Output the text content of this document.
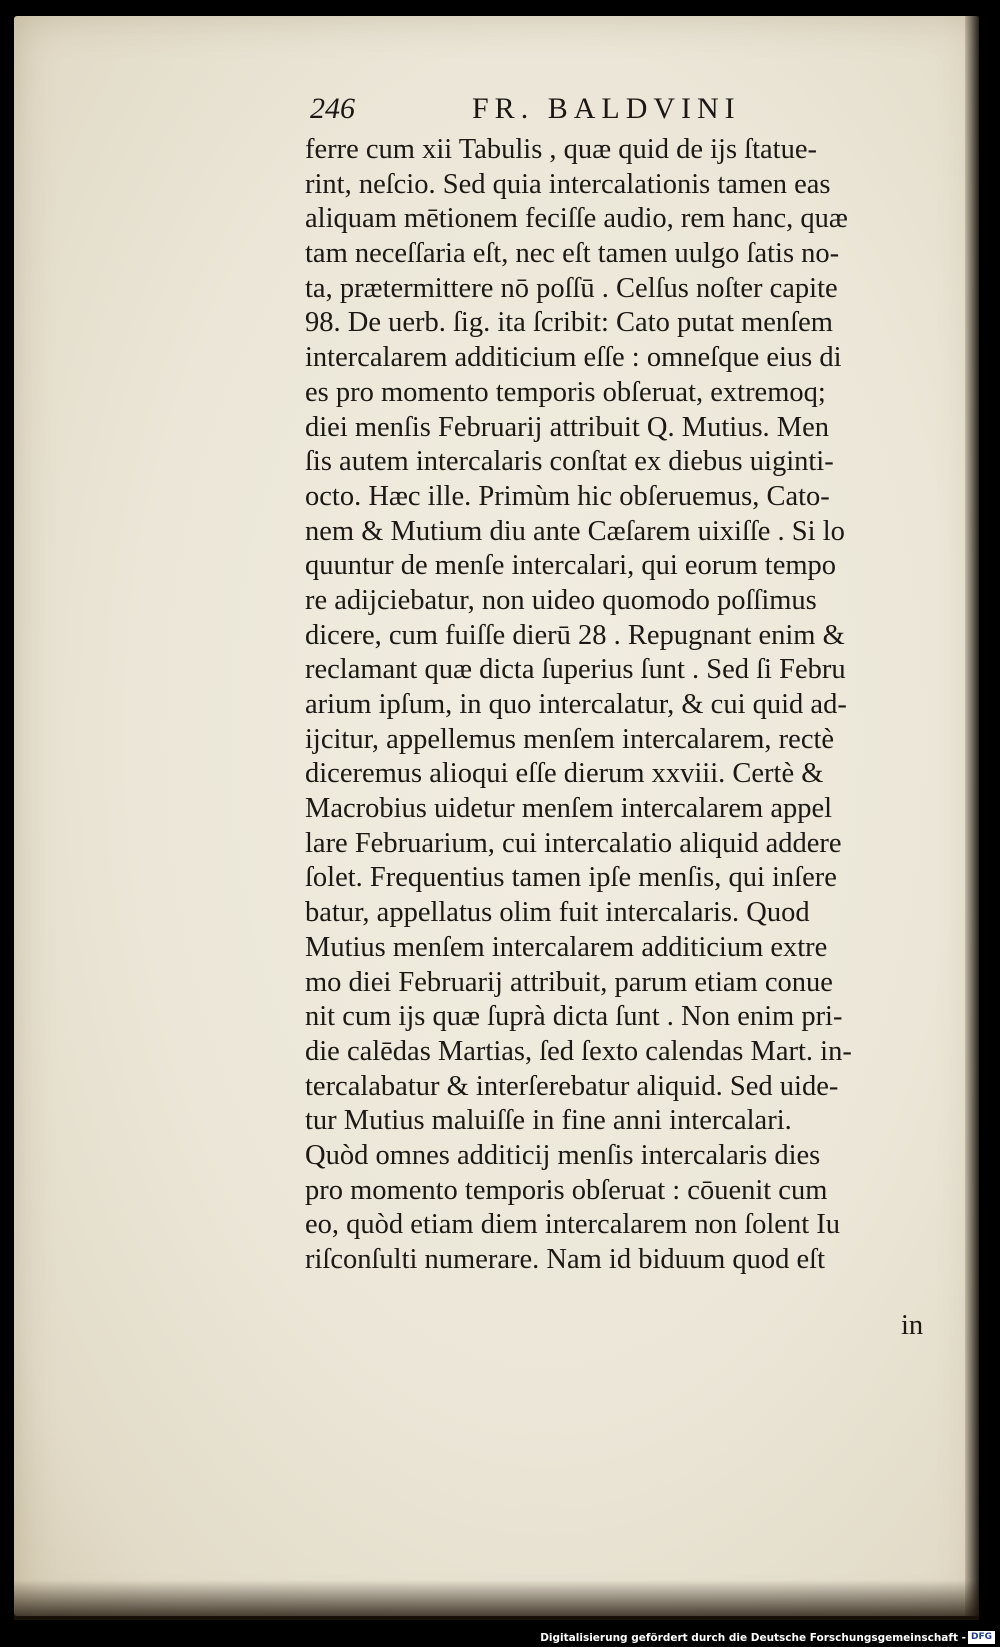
246	FR. BALDVINI
ferre cum xii Tabulis , quæ quid de ijs ſtatue-
rint, neſcio. Sed quia intercalationis tamen eas
aliquam mētionem feciſſe audio, rem hanc, quæ
tam neceſſaria eſt, nec eſt tamen uulgo ſatis no-
ta, prætermittere nō poſſū . Celſus noſter capite
98. De uerb. ſig. ita ſcribit: Cato putat menſem
intercalarem additicium eſſe : omneſque eius di
es pro momento temporis obſeruat, extremoq;
diei menſis Februarij attribuit Q. Mutius. Men
ſis autem intercalaris conſtat ex diebus uiginti-
octo. Hæc ille. Primùm hic obſeruemus, Cato-
nem & Mutium diu ante Cæſarem uixiſſe . Si lo
quuntur de menſe intercalari, qui eorum tempo
re adijciebatur, non uideo quomodo poſſimus
dicere, cum fuiſſe dierū 28 . Repugnant enim &
reclamant quæ dicta ſuperius ſunt . Sed ſi Febru
arium ipſum, in quo intercalatur, & cui quid ad-
ijcitur, appellemus menſem intercalarem, rectè
diceremus alioqui eſſe dierum xxviii. Certè &
Macrobius uidetur menſem intercalarem appel
lare Februarium, cui intercalatio aliquid addere
ſolet. Frequentius tamen ipſe menſis, qui inſere
batur, appellatus olim fuit intercalaris. Quod
Mutius menſem intercalarem additicium extre
mo diei Februarij attribuit, parum etiam conue
nit cum ijs quæ ſuprà dicta ſunt . Non enim pri-
die calēdas Martias, ſed ſexto calendas Mart. in-
tercalabatur & interſerebatur aliquid. Sed uide-
tur Mutius maluiſſe in fine anni intercalari.
Quòd omnes additicij menſis intercalaris dies
pro momento temporis obſeruat : cōuenit cum
eo, quòd etiam diem intercalarem non ſolent Iu
riſconſulti numerare. Nam id biduum quod eſt
in
Digitalisierung gefördert durch die Deutsche Forschungsgemeinschaft - DFG
